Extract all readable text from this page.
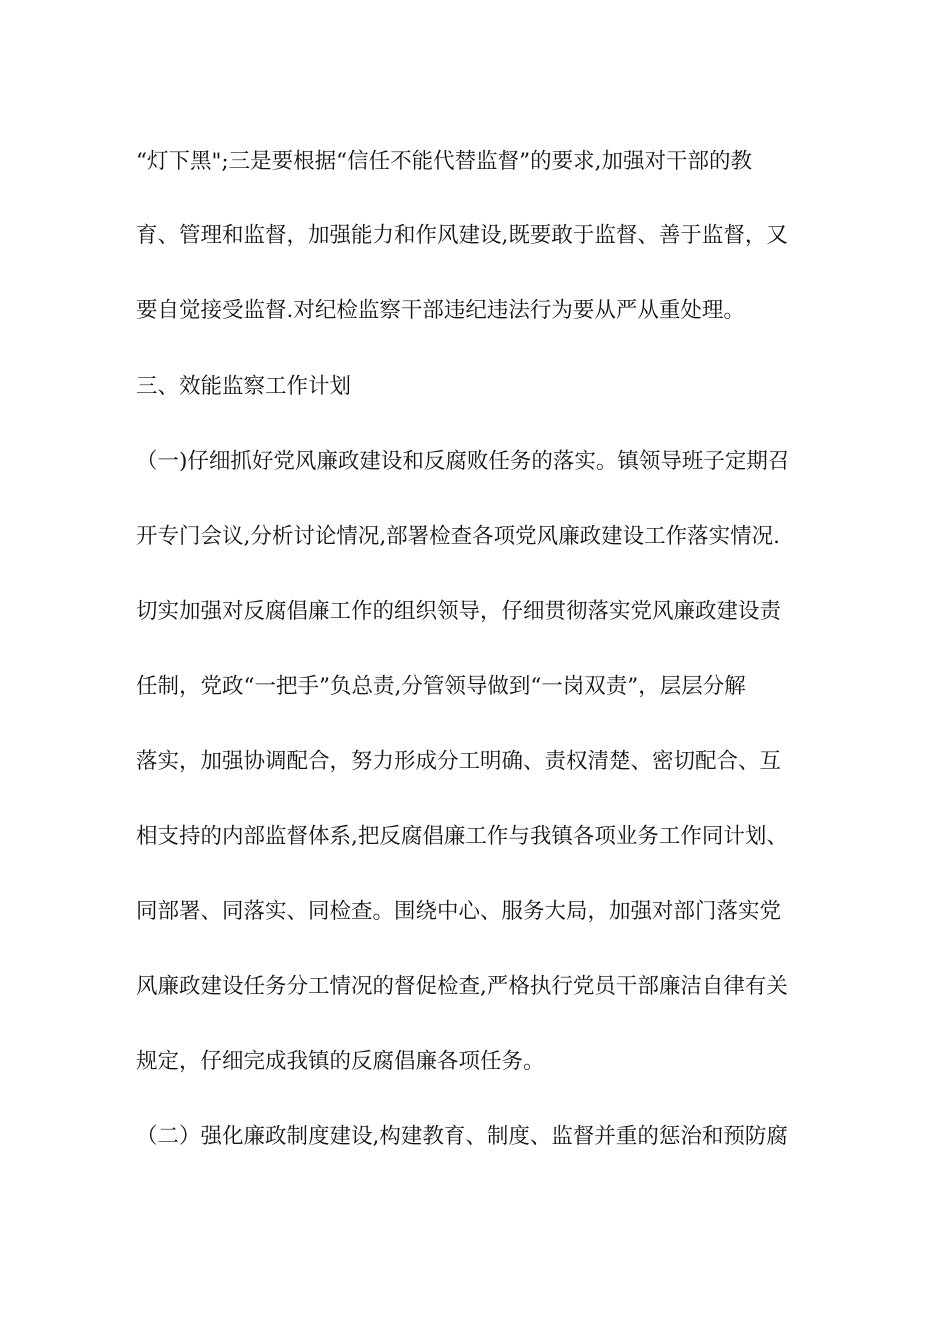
“灯下黑";三是要根据“信任不能代替监督”的要求,加强对干部的教
育、管理和监督，加强能力和作风建设,既要敢于监督、善于监督，又
要自觉接受监督.对纪检监察干部违纪违法行为要从严从重处理。
三、效能监察工作计划
（一)仔细抓好党风廉政建设和反腐败任务的落实。镇领导班子定期召
开专门会议,分析讨论情况,部署检查各项党风廉政建设工作落实情况.
切实加强对反腐倡廉工作的组织领导，仔细贯彻落实党风廉政建设责
任制，党政“一把手”负总责,分管领导做到“一岗双责”，层层分解
落实，加强协调配合，努力形成分工明确、责权清楚、密切配合、互
相支持的内部监督体系,把反腐倡廉工作与我镇各项业务工作同计划、
同部署、同落实、同检查。围绕中心、服务大局，加强对部门落实党
风廉政建设任务分工情况的督促检查,严格执行党员干部廉洁自律有关
规定，仔细完成我镇的反腐倡廉各项任务。
（二）强化廉政制度建设,构建教育、制度、监督并重的惩治和预防腐
